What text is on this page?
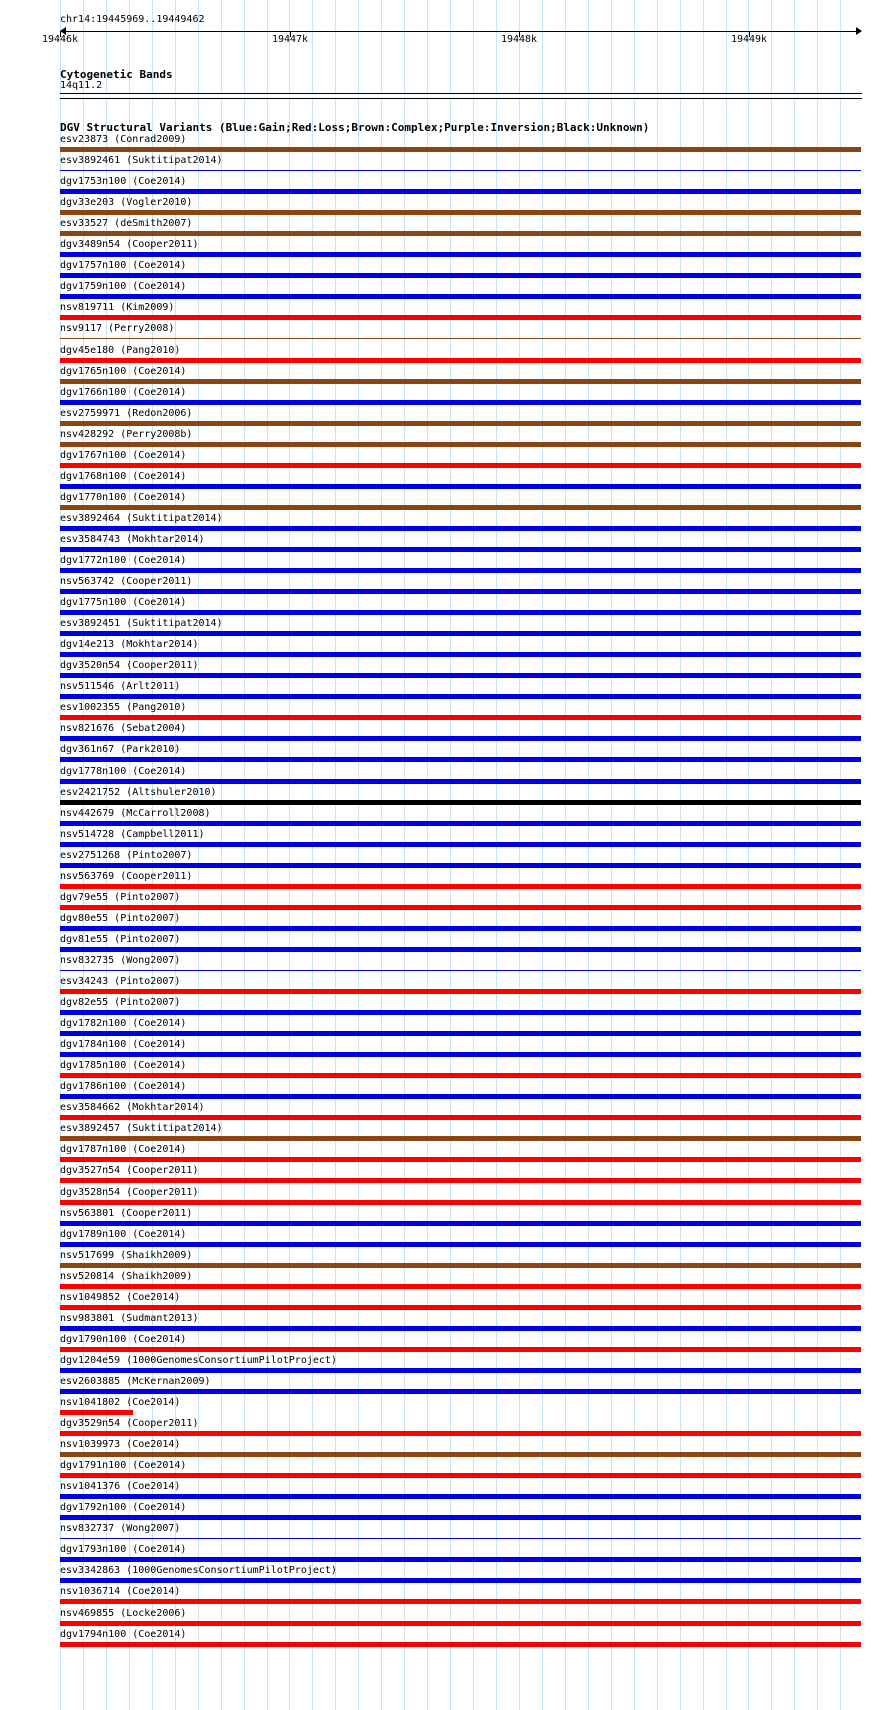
chr14:19445969..19449462
19446k	19447k	19448k	19449k
Cytogenetic Bands
14q11.2
DGV Structural Variants (Blue:Gain;Red:Loss;Brown:Complex;Purple:Inversion;Black:Unknown)
esv23873 (Conrad2009)
esv3892461 (Suktitipat2014)
dgv1753n100 (Coe2014)
dgv33e203 (Vogler2010)
esv33527 (deSmith2007)
dgv3489n54 (Cooper2011)
dgv1757n100 (Coe2014)
dgv1759n100 (Coe2014)
nsv819711 (Kim2009)
nsv9117 (Perry2008)
dgv45e180 (Pang2010)
dgv1765n100 (Coe2014)
dgv1766n100 (Coe2014)
esv2759971 (Redon2006)
nsv428292 (Perry2008b)
dgv1767n100 (Coe2014)
dgv1768n100 (Coe2014)
dgv1770n100 (Coe2014)
esv3892464 (Suktitipat2014)
esv3584743 (Mokhtar2014)
dgv1772n100 (Coe2014)
nsv563742 (Cooper2011)
dgv1775n100 (Coe2014)
esv3892451 (Suktitipat2014)
dgv14e213 (Mokhtar2014)
dgv3520n54 (Cooper2011)
nsv511546 (Arlt2011)
esv1002355 (Pang2010)
nsv821676 (Sebat2004)
dgv361n67 (Park2010)
dgv1778n100 (Coe2014)
esv2421752 (Altshuler2010)
nsv442679 (McCarroll2008)
nsv514728 (Campbell2011)
esv2751268 (Pinto2007)
nsv563769 (Cooper2011)
dgv79e55 (Pinto2007)
dgv80e55 (Pinto2007)
dgv81e55 (Pinto2007)
nsv832735 (Wong2007)
esv34243 (Pinto2007)
dgv82e55 (Pinto2007)
dgv1782n100 (Coe2014)
dgv1784n100 (Coe2014)
dgv1785n100 (Coe2014)
dgv1786n100 (Coe2014)
esv3584662 (Mokhtar2014)
esv3892457 (Suktitipat2014)
dgv1787n100 (Coe2014)
dgv3527n54 (Cooper2011)
dgv3528n54 (Cooper2011)
nsv563801 (Cooper2011)
dgv1789n100 (Coe2014)
nsv517699 (Shaikh2009)
nsv520814 (Shaikh2009)
nsv1049852 (Coe2014)
nsv983801 (Sudmant2013)
dgv1790n100 (Coe2014)
dgv1204e59 (1000GenomesConsortiumPilotProject)
esv2603885 (McKernan2009)
nsv1041802 (Coe2014)
dgv3529n54 (Cooper2011)
nsv1039973 (Coe2014)
dgv1791n100 (Coe2014)
nsv1041376 (Coe2014)
dgv1792n100 (Coe2014)
nsv832737 (Wong2007)
dgv1793n100 (Coe2014)
esv3342863 (1000GenomesConsortiumPilotProject)
nsv1036714 (Coe2014)
nsv469855 (Locke2006)
dgv1794n100 (Coe2014)
